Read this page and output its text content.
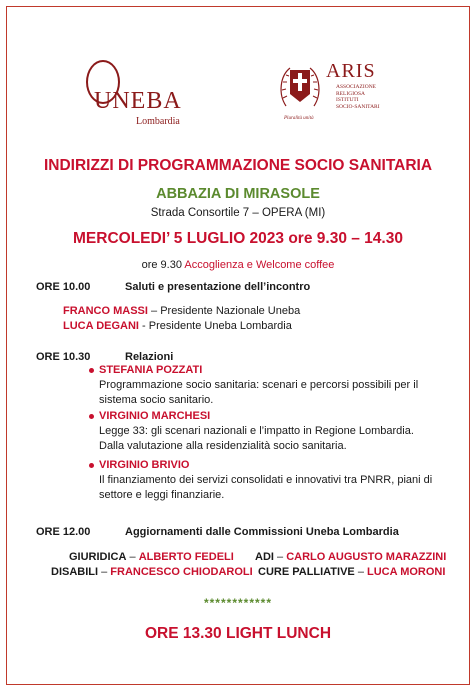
UNEBA
Lombardia
ARIS
ASSOCIAZIONE
RELIGIOSA
ISTITUTI
SOCIO-SANITARI
Pluralità unità
INDIRIZZI DI PROGRAMMAZIONE SOCIO SANITARIA
ABBAZIA DI MIRASOLE
Strada Consortile 7 – OPERA (MI)
MERCOLEDI’ 5 LUGLIO 2023 ore 9.30 – 14.30
ore 9.30 Accoglienza e Welcome coffee
ORE 10.00	Saluti e presentazione dell’incontro
FRANCO MASSI – Presidente Nazionale Uneba
LUCA DEGANI - Presidente Uneba Lombardia
ORE 10.30	Relazioni
STEFANIA POZZATI
Programmazione socio sanitaria: scenari e percorsi possibili per il
sistema socio sanitario.
VIRGINIO MARCHESI
Legge 33: gli scenari nazionali e l’impatto in Regione Lombardia.
Dalla valutazione alla residenzialità socio sanitaria.
VIRGINIO BRIVIO
Il finanziamento dei servizi consolidati e innovativi tra PNRR, piani di
settore e leggi finanziarie.
ORE 12.00	Aggiornamenti dalle Commissioni Uneba Lombardia
GIURIDICA – ALBERTO FEDELI ADI – CARLO AUGUSTO MARAZZINI
DISABILI – FRANCESCO CHIODAROLI CURE PALLIATIVE – LUCA MORONI
************
ORE 13.30 LIGHT LUNCH
